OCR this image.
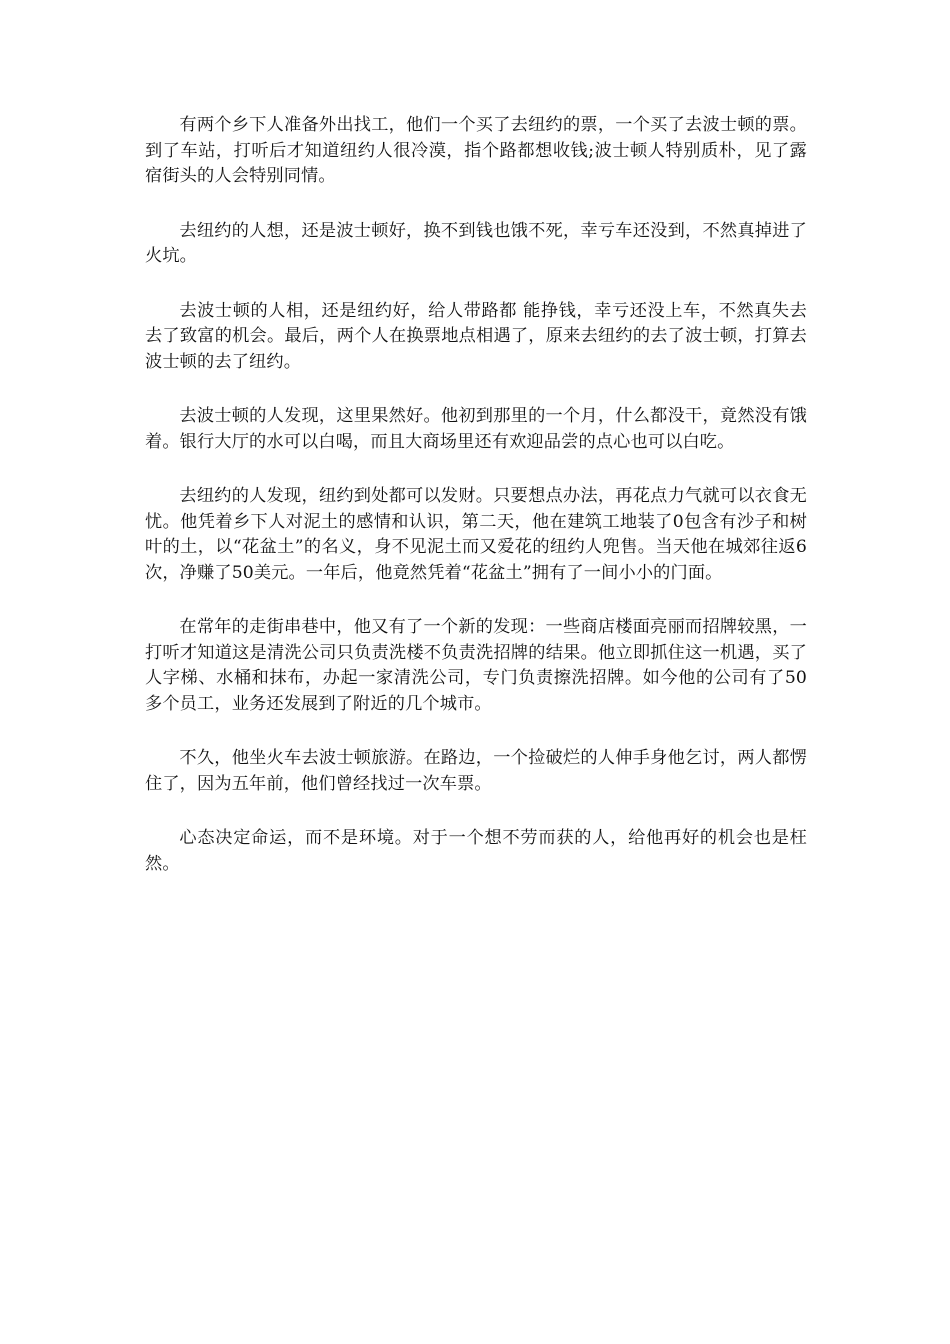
有两个乡下人准备外出找工，他们一个买了去纽约的票，一个买了去波士顿的票。到了车站，打听后才知道纽约人很冷漠，指个路都想收钱;波士顿人特别质朴，见了露宿街头的人会特别同情。

去纽约的人想，还是波士顿好，换不到钱也饿不死，幸亏车还没到，不然真掉进了火坑。

去波士顿的人相，还是纽约好，给人带路都 能挣钱，幸亏还没上车，不然真失去去了致富的机会。最后，两个人在换票地点相遇了，原来去纽约的去了波士顿，打算去波士顿的去了纽约。

去波士顿的人发现，这里果然好。他初到那里的一个月，什么都没干，竟然没有饿着。银行大厅的水可以白喝，而且大商场里还有欢迎品尝的点心也可以白吃。

去纽约的人发现，纽约到处都可以发财。只要想点办法，再花点力气就可以衣食无忧。他凭着乡下人对泥土的感情和认识，第二天，他在建筑工地装了0包含有沙子和树叶的土，以“花盆土”的名义，身不见泥土而又爱花的纽约人兜售。当天他在城郊往返6次，净赚了50美元。一年后，他竟然凭着“花盆土”拥有了一间小小的门面。

在常年的走街串巷中，他又有了一个新的发现：一些商店楼面亮丽而招牌较黑，一打听才知道这是清洗公司只负责洗楼不负责洗招牌的结果。他立即抓住这一机遇，买了人字梯、水桶和抹布，办起一家清洗公司，专门负责擦洗招牌。如今他的公司有了50多个员工，业务还发展到了附近的几个城市。

不久，他坐火车去波士顿旅游。在路边，一个捡破烂的人伸手身他乞讨，两人都愣住了，因为五年前，他们曾经找过一次车票。

心态决定命运，而不是环境。对于一个想不劳而获的人，给他再好的机会也是枉然。
